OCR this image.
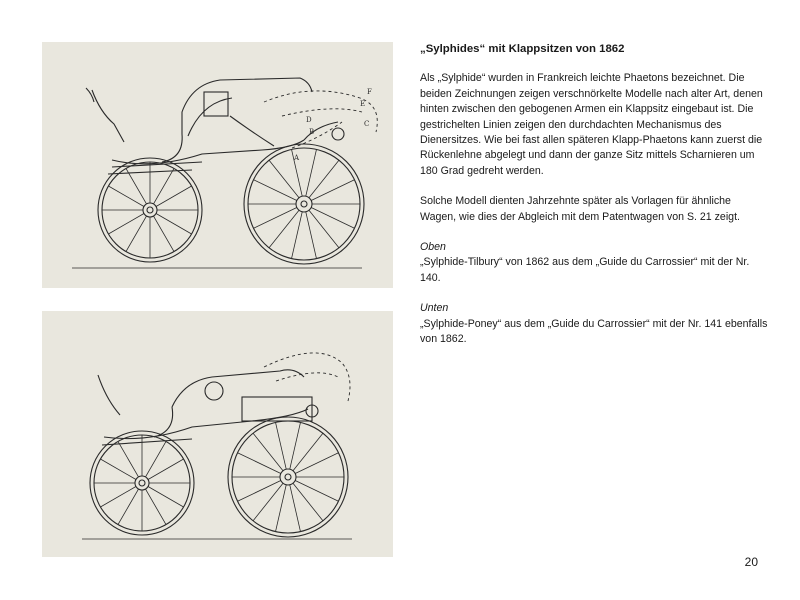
F
E
D
B
C
A

„Sylphides“ mit Klappsitzen von 1862

Als „Sylphide“ wurden in Frankreich leichte Phaetons bezeichnet. Die beiden Zeichnungen zeigen verschnörkelte Modelle nach alter Art, denen hinten zwischen den gebogenen Armen ein Klappsitz eingebaut ist. Die gestrichelten Linien zeigen den durchdachten Mechanismus des Dienersitzes. Wie bei fast allen späteren Klapp-Phaetons kann zuerst die Rückenlehne abgelegt und dann der ganze Sitz mittels Scharnieren um 180 Grad gedreht werden.

Solche Modell dienten Jahrzehnte später als Vorlagen für ähnliche Wagen, wie dies der Abgleich mit dem Patentwagen von S. 21 zeigt.

Oben
„Sylphide-Tilbury“ von 1862 aus dem „Guide du Carrossier“ mit der Nr. 140.

Unten
„Sylphide-Poney“ aus dem „Guide du Carrossier“ mit der Nr. 141 ebenfalls von 1862.

20
